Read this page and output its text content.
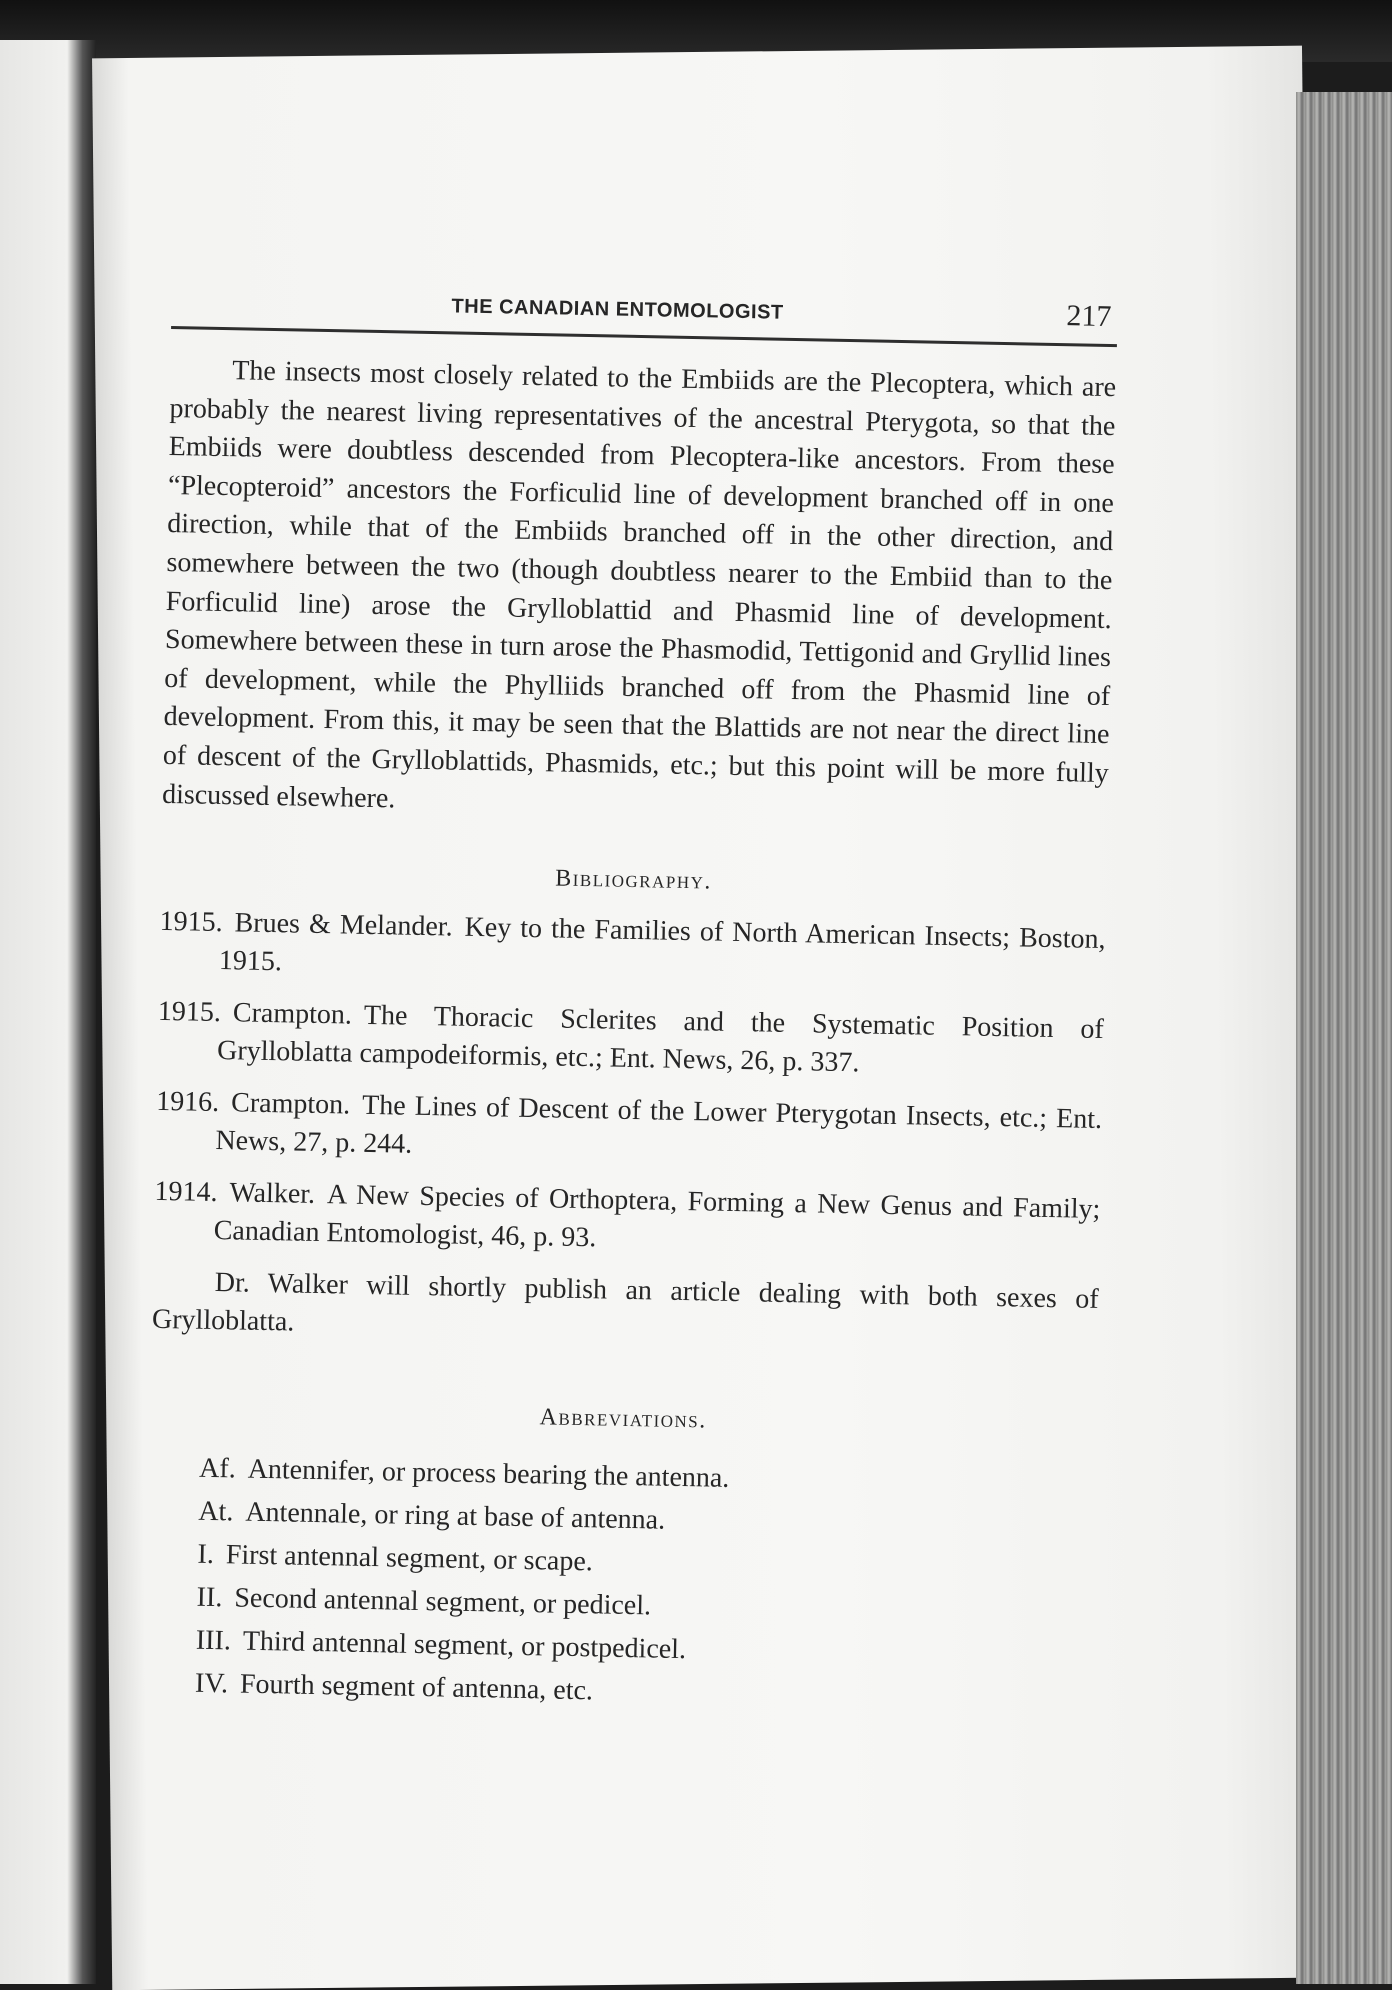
THE CANADIAN ENTOMOLOGIST	217

The insects most closely related to the Embiids are the Plecoptera, which are probably the nearest living representatives of the ancestral Pterygota, so that the Embiids were doubtless descended from Plecoptera-like ancestors. From these “Plecopteroid” ancestors the Forficulid line of development branched off in one direction, while that of the Embiids branched off in the other direction, and somewhere between the two (though doubtless nearer to the Embiid than to the Forficulid line) arose the Grylloblattid and Phasmid line of development. Somewhere between these in turn arose the Phasmodid, Tettigonid and Gryllid lines of development, while the Phylliids branched off from the Phasmid line of development. From this, it may be seen that the Blattids are not near the direct line of descent of the Grylloblattids, Phasmids, etc.; but this point will be more fully discussed elsewhere.

Bibliography.
1915. Brues & Melander. Key to the Families of North American Insects; Boston, 1915.
1915. Crampton. The Thoracic Sclerites and the Systematic Position of Grylloblatta campodeiformis, etc.; Ent. News, 26, p. 337.
1916. Crampton. The Lines of Descent of the Lower Pterygotan Insects, etc.; Ent. News, 27, p. 244.
1914. Walker. A New Species of Orthoptera, Forming a New Genus and Family; Canadian Entomologist, 46, p. 93.

Dr. Walker will shortly publish an article dealing with both sexes of Grylloblatta.

Abbreviations.
Af. Antennifer, or process bearing the antenna.
At. Antennale, or ring at base of antenna.
I. First antennal segment, or scape.
II. Second antennal segment, or pedicel.
III. Third antennal segment, or postpedicel.
IV. Fourth segment of antenna, etc.
